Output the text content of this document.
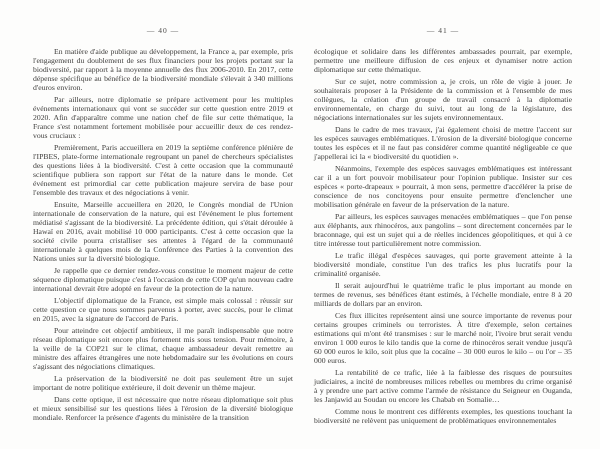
— 40 —

En matière d'aide publique au développement, la France a, par exemple, pris l'engagement du doublement de ses flux financiers pour les projets portant sur la biodiversité, par rapport à la moyenne annuelle des flux 2006-2010. En 2017, cette dépense spécifique au bénéfice de la biodiversité mondiale s'élevait à 340 millions d'euros environ.

Par ailleurs, notre diplomatie se prépare activement pour les multiples événements internationaux qui vont se succéder sur cette question entre 2019 et 2020. Afin d'apparaître comme une nation chef de file sur cette thématique, la France s'est notamment fortement mobilisée pour accueillir deux de ces rendez-vous cruciaux :

Premièrement, Paris accueillera en 2019 la septième conférence plénière de l'IPBES, plate-forme internationale regroupant un panel de chercheurs spécialistes des questions liées à la biodiversité. C'est à cette occasion que la communauté scientifique publiera son rapport sur l'état de la nature dans le monde. Cet événement est primordial car cette publication majeure servira de base pour l'ensemble des travaux et des négociations à venir.

Ensuite, Marseille accueillera en 2020, le Congrès mondial de l'Union internationale de conservation de la nature, qui est l'événement le plus fortement médiatisé s'agissant de la biodiversité. La précédente édition, qui s'était déroulée à Hawaï en 2016, avait mobilisé 10 000 participants. C'est à cette occasion que la société civile pourra cristalliser ses attentes à l'égard de la communauté internationale à quelques mois de la Conférence des Parties à la convention des Nations unies sur la diversité biologique.

Je rappelle que ce dernier rendez-vous constitue le moment majeur de cette séquence diplomatique puisque c'est à l'occasion de cette COP qu'un nouveau cadre international devrait être adopté en faveur de la protection de la nature.

L'objectif diplomatique de la France, est simple mais colossal : réussir sur cette question ce que nous sommes parvenus à porter, avec succès, pour le climat en 2015, avec la signature de l'accord de Paris.

Pour atteindre cet objectif ambitieux, il me paraît indispensable que notre réseau diplomatique soit encore plus fortement mis sous tension. Pour mémoire, à la veille de la COP21 sur le climat, chaque ambassadeur devait remettre au ministre des affaires étrangères une note hebdomadaire sur les évolutions en cours s'agissant des négociations climatiques.

La préservation de la biodiversité ne doit pas seulement être un sujet important de notre politique extérieure, il doit devenir un thème majeur.

Dans cette optique, il est nécessaire que notre réseau diplomatique soit plus et mieux sensibilisé sur les questions liées à l'érosion de la diversité biologique mondiale. Renforcer la présence d'agents du ministère de la transition

— 41 —

écologique et solidaire dans les différentes ambassades pourrait, par exemple, permettre une meilleure diffusion de ces enjeux et dynamiser notre action diplomatique sur cette thématique.

Sur ce sujet, notre commission a, je crois, un rôle de vigie à jouer. Je souhaiterais proposer à la Présidente de la commission et à l'ensemble de mes collègues, la création d'un groupe de travail consacré à la diplomatie environnementale, en charge du suivi, tout au long de la législature, des négociations internationales sur les sujets environnementaux.

Dans le cadre de mes travaux, j'ai également choisi de mettre l'accent sur les espèces sauvages emblématiques. L'érosion de la diversité biologique concerne toutes les espèces et il ne faut pas considérer comme quantité négligeable ce que j'appellerai ici la « biodiversité du quotidien ».

Néanmoins, l'exemple des espèces sauvages emblématiques est intéressant car il a un fort pouvoir mobilisateur pour l'opinion publique. Insister sur ces espèces « porte-drapeaux » pourrait, à mon sens, permettre d'accélérer la prise de conscience de nos concitoyens pour ensuite permettre d'enclencher une mobilisation générale en faveur de la préservation de la nature.

Par ailleurs, les espèces sauvages menacées emblématiques – que l'on pense aux éléphants, aux rhinocéros, aux pangolins – sont directement concernées par le braconnage, qui est un sujet qui a de réelles incidences géopolitiques, et qui à ce titre intéresse tout particulièrement notre commission.

Le trafic illégal d'espèces sauvages, qui porte gravement atteinte à la biodiversité mondiale, constitue l'un des trafics les plus lucratifs pour la criminalité organisée.

Il serait aujourd'hui le quatrième trafic le plus important au monde en termes de revenus, ses bénéfices étant estimés, à l'échelle mondiale, entre 8 à 20 milliards de dollars par an environ.

Ces flux illicites représentent ainsi une source importante de revenus pour certains groupes criminels ou terroristes. À titre d'exemple, selon certaines estimations qui m'ont été transmises : sur le marché noir, l'ivoire brut serait vendu environ 1 000 euros le kilo tandis que la corne de rhinocéros serait vendue jusqu'à 60 000 euros le kilo, soit plus que la cocaïne – 30 000 euros le kilo – ou l'or – 35 000 euros.

La rentabilité de ce trafic, liée à la faiblesse des risques de poursuites judiciaires, a incité de nombreuses milices rebelles ou membres du crime organisé à y prendre une part active comme l'armée de résistance du Seigneur en Ouganda, les Janjawid au Soudan ou encore les Chabab en Somalie…

Comme nous le montrent ces différents exemples, les questions touchant la biodiversité ne relèvent pas uniquement de problématiques environnementales
